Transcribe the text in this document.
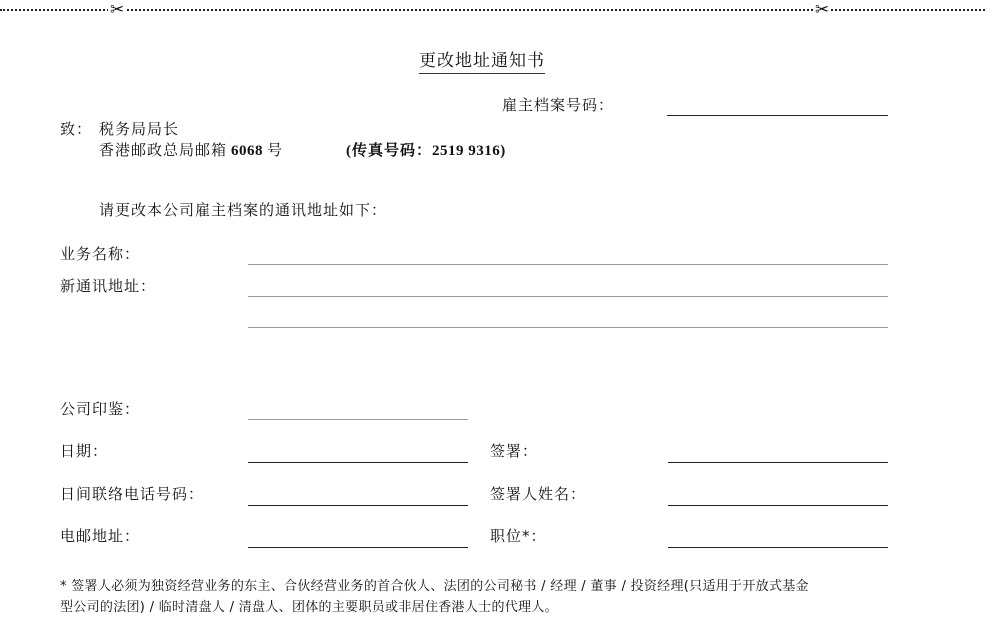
✂	✂
更改地址通知书
雇主档案号码：
致： 税务局局长
香港邮政总局邮箱 6068 号	(传真号码：2519 9316)
请更改本公司雇主档案的通讯地址如下：
业务名称：
新通讯地址：
公司印鉴：
日期：	签署：
日间联络电话号码：	签署人姓名：
电邮地址：	职位*：
* 签署人必须为独资经营业务的东主、合伙经营业务的首合伙人、法团的公司秘书 / 经理 / 董事 / 投资经理(只适用于开放式基金
型公司的法团) / 临时清盘人 / 清盘人、团体的主要职员或非居住香港人士的代理人。
